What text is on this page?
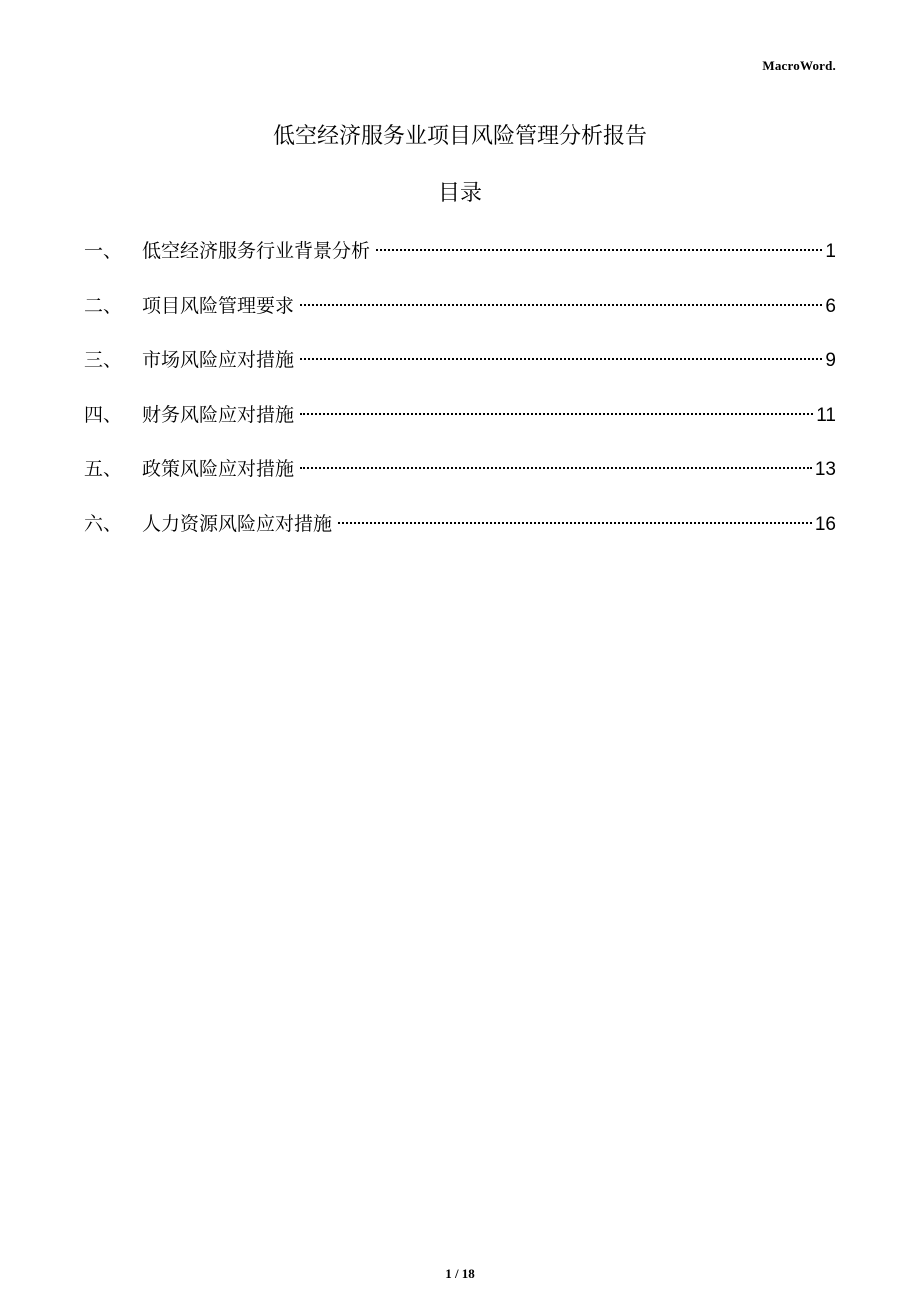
MacroWord.
低空经济服务业项目风险管理分析报告
目录
一、	低空经济服务行业背景分析	1
二、	项目风险管理要求	6
三、	市场风险应对措施	9
四、	财务风险应对措施	11
五、	政策风险应对措施	13
六、	人力资源风险应对措施	16
1 / 18
